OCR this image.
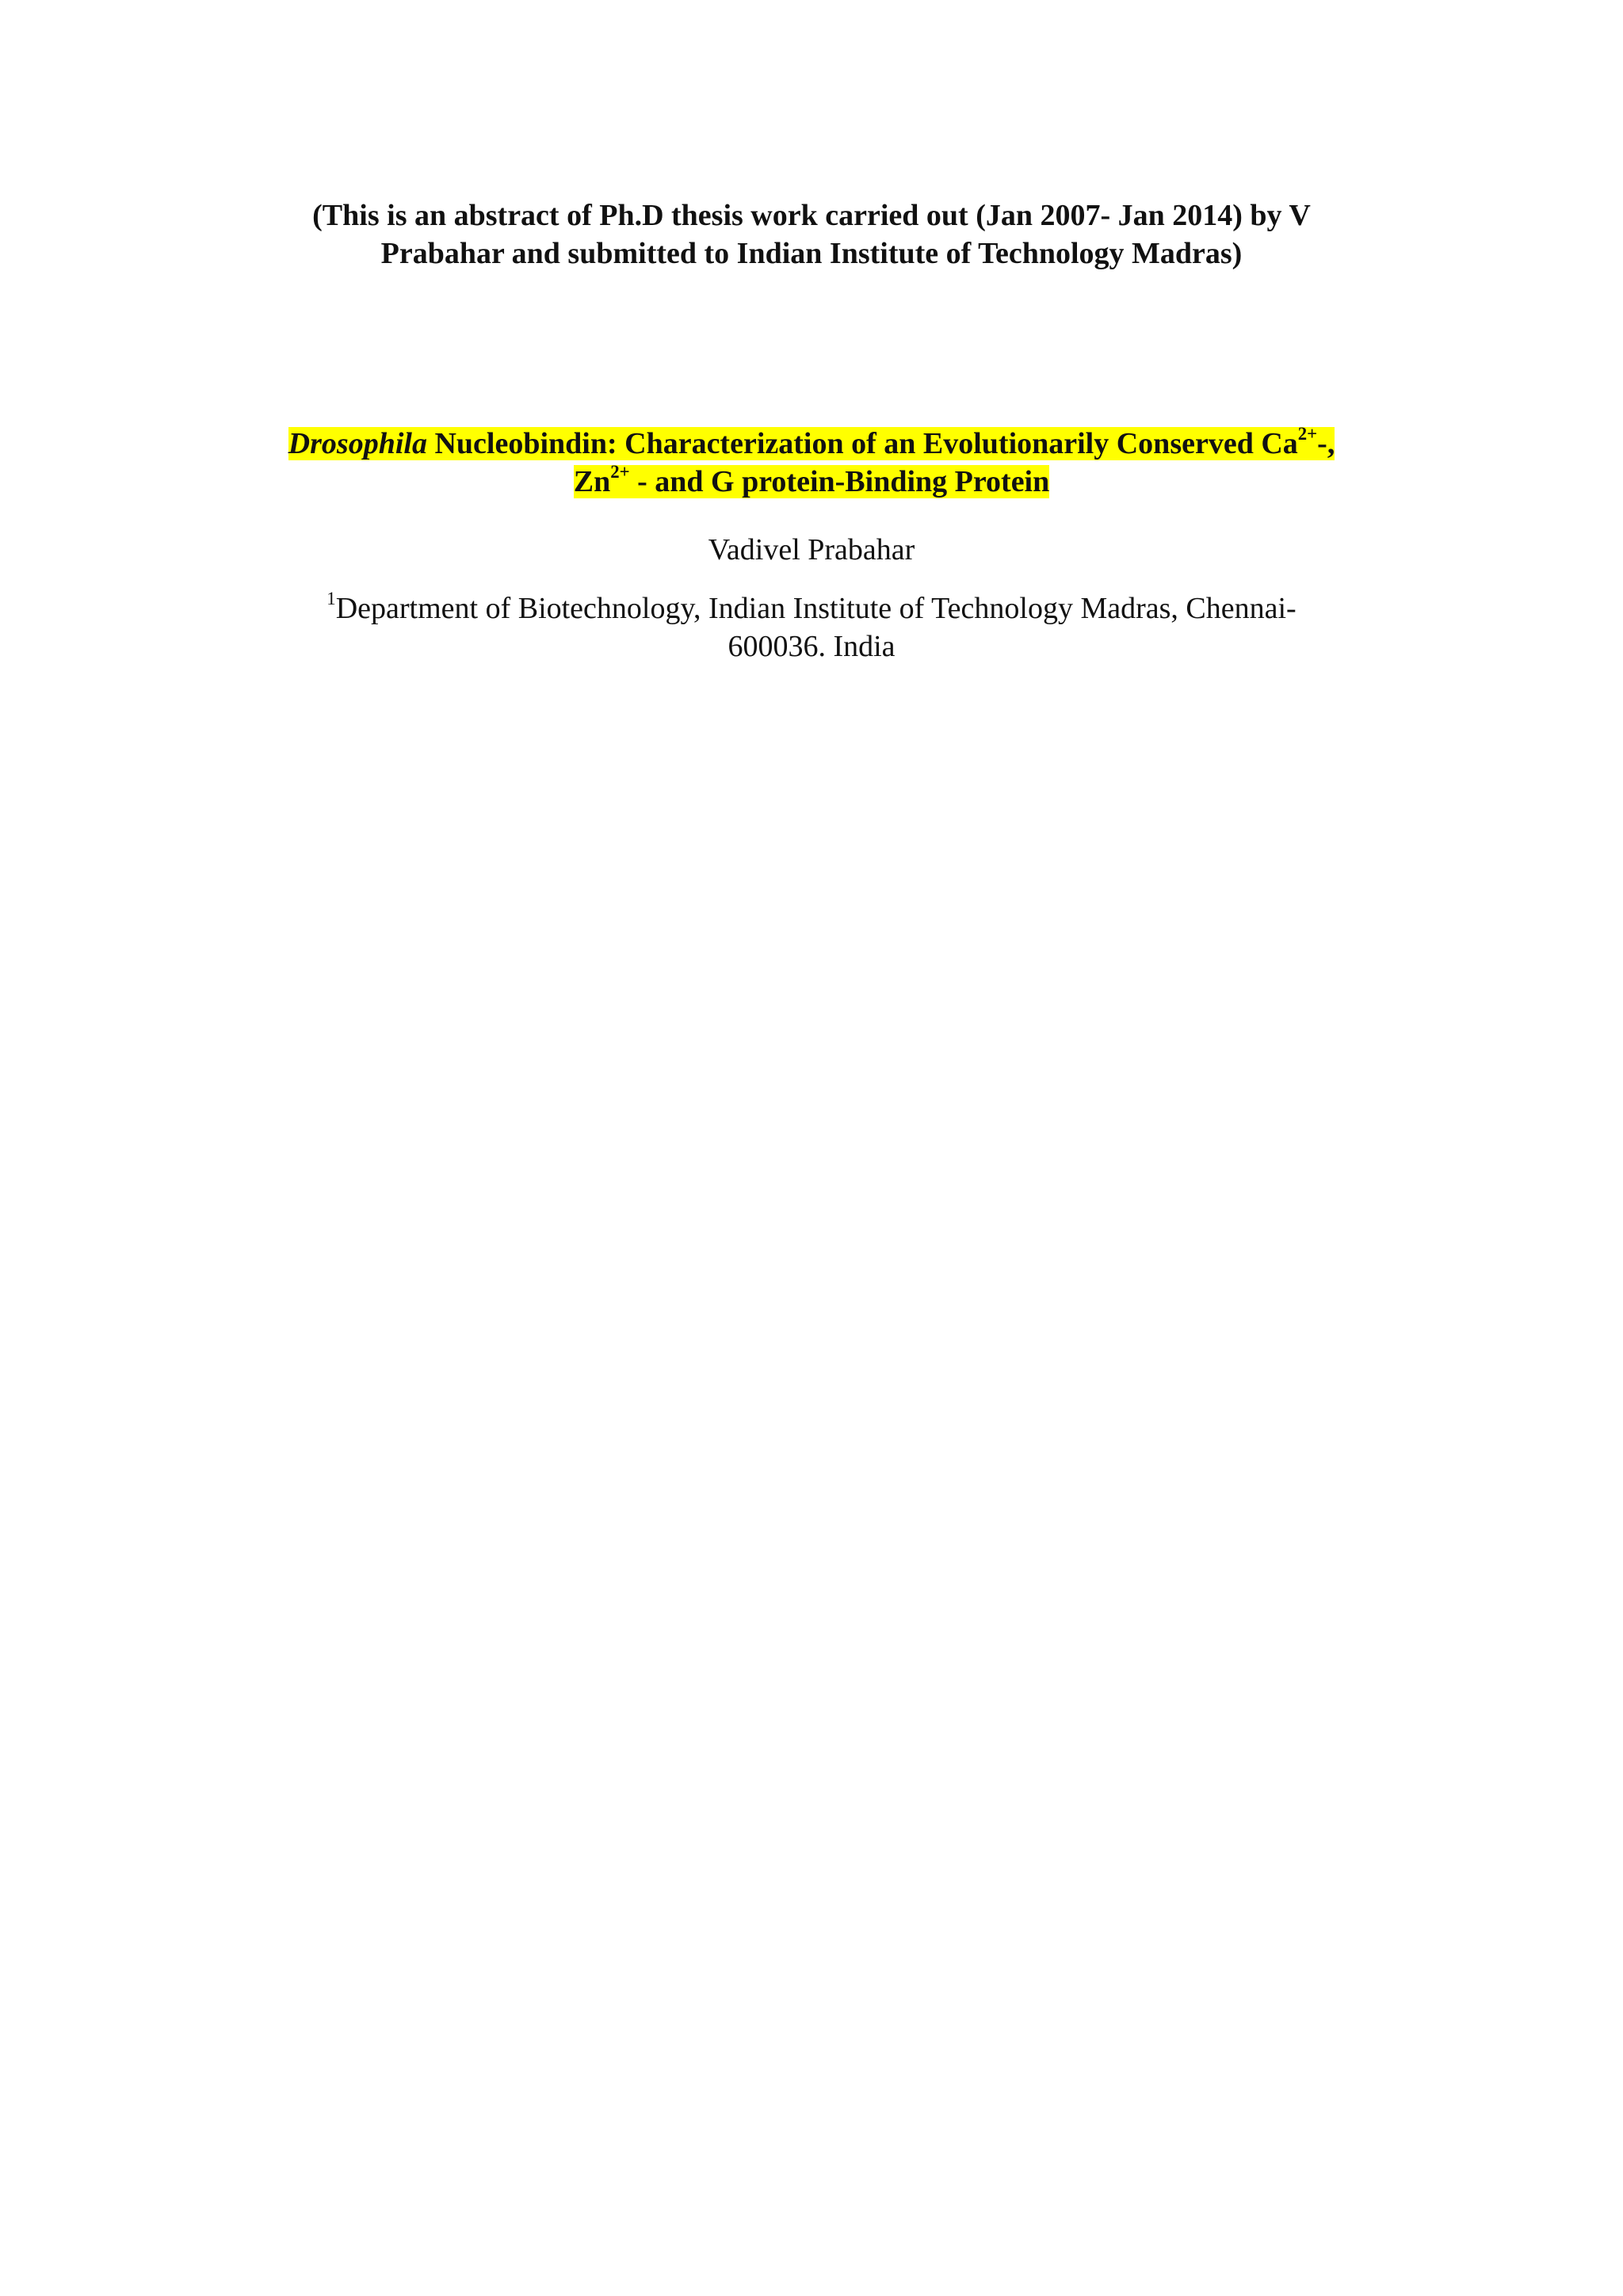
(This is an abstract of Ph.D thesis work carried out (Jan 2007- Jan 2014) by V
Prabahar and submitted to Indian Institute of Technology Madras)
Drosophila Nucleobindin: Characterization of an Evolutionarily Conserved $Ca^{2+}-$,
$Zn^{2+}$ - and G protein-Binding Protein
Vadivel Prabahar
$^1$Department of Biotechnology, Indian Institute of Technology Madras, Chennai-
600036. India
